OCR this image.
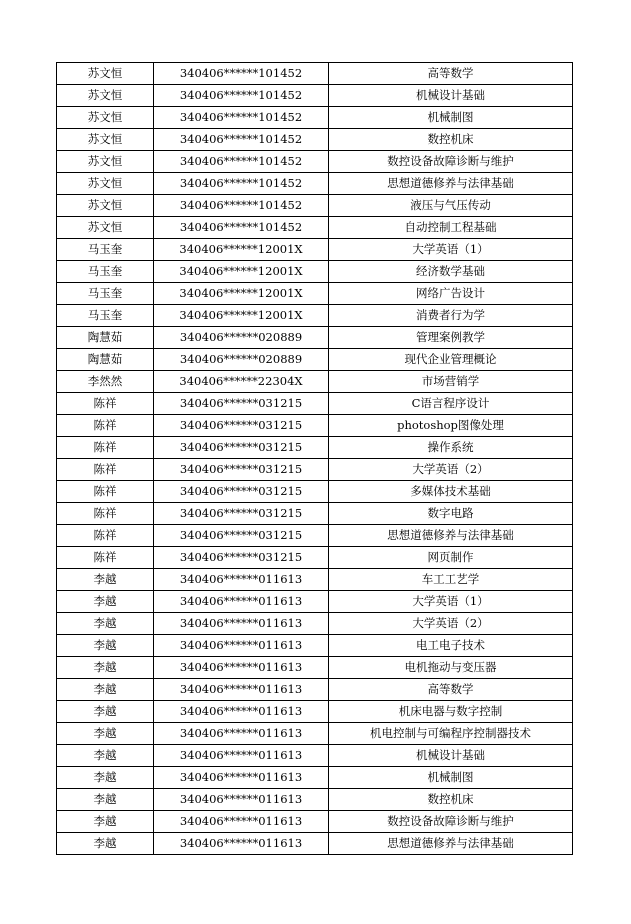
苏文恒	340406******101452	高等数学
苏文恒	340406******101452	机械设计基础
苏文恒	340406******101452	机械制图
苏文恒	340406******101452	数控机床
苏文恒	340406******101452	数控设备故障诊断与维护
苏文恒	340406******101452	思想道德修养与法律基础
苏文恒	340406******101452	液压与气压传动
苏文恒	340406******101452	自动控制工程基础
马玉奎	340406******12001X	大学英语（1）
马玉奎	340406******12001X	经济数学基础
马玉奎	340406******12001X	网络广告设计
马玉奎	340406******12001X	消费者行为学
陶慧茹	340406******020889	管理案例教学
陶慧茹	340406******020889	现代企业管理概论
李然然	340406******22304X	市场营销学
陈祥	340406******031215	C语言程序设计
陈祥	340406******031215	photoshop图像处理
陈祥	340406******031215	操作系统
陈祥	340406******031215	大学英语（2）
陈祥	340406******031215	多媒体技术基础
陈祥	340406******031215	数字电路
陈祥	340406******031215	思想道德修养与法律基础
陈祥	340406******031215	网页制作
李越	340406******011613	车工工艺学
李越	340406******011613	大学英语（1）
李越	340406******011613	大学英语（2）
李越	340406******011613	电工电子技术
李越	340406******011613	电机拖动与变压器
李越	340406******011613	高等数学
李越	340406******011613	机床电器与数字控制
李越	340406******011613	机电控制与可编程序控制器技术
李越	340406******011613	机械设计基础
李越	340406******011613	机械制图
李越	340406******011613	数控机床
李越	340406******011613	数控设备故障诊断与维护
李越	340406******011613	思想道德修养与法律基础
